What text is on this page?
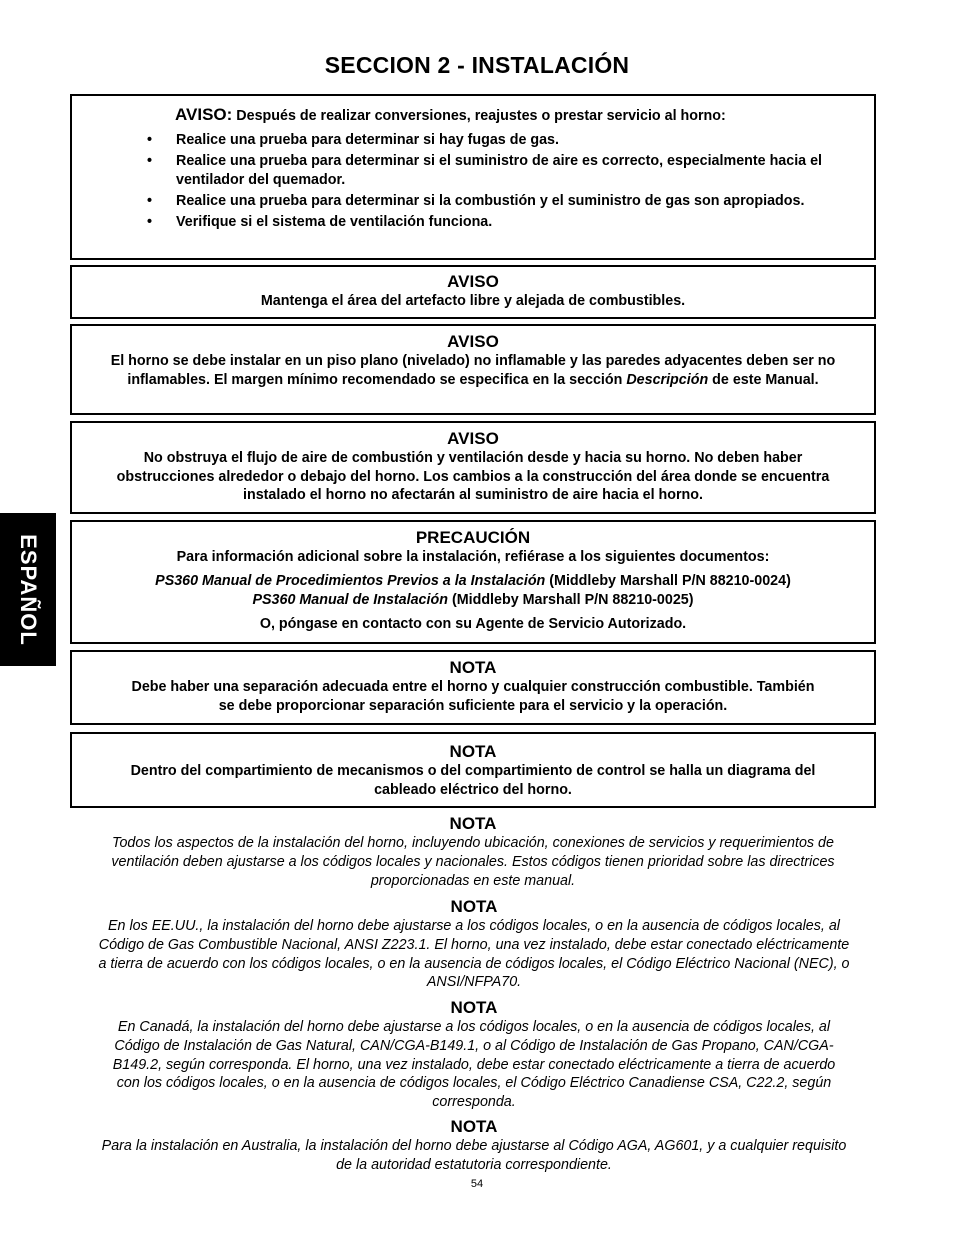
SECCION 2 - INSTALACIÓN
AVISO: Después de realizar conversiones, reajustes o prestar servicio al horno:
• Realice una prueba para determinar si hay fugas de gas.
• Realice una prueba para determinar si el suministro de aire es correcto, especialmente hacia el ventilador del quemador.
• Realice una prueba para determinar si la combustión y el suministro de gas son apropiados.
• Verifique si el sistema de ventilación funciona.
AVISO
Mantenga el área del artefacto libre y alejada de combustibles.
AVISO
El horno se debe instalar en un piso plano (nivelado) no inflamable y las paredes adyacentes deben ser no inflamables. El margen mínimo recomendado se especifica en la sección Descripción de este Manual.
AVISO
No obstruya el flujo de aire de combustión y ventilación desde y hacia su horno. No deben haber obstrucciones alrededor o debajo del horno. Los cambios a la construcción del área donde se encuentra instalado el horno no afectarán al suministro de aire hacia el horno.
PRECAUCIÓN
Para información adicional sobre la instalación, refiérase a los siguientes documentos:
PS360 Manual de Procedimientos Previos a la Instalación (Middleby Marshall P/N 88210-0024)
PS360 Manual de Instalación (Middleby Marshall P/N 88210-0025)
O, póngase en contacto con su Agente de Servicio Autorizado.
NOTA
Debe haber una separación adecuada entre el horno y cualquier construcción combustible. También se debe proporcionar separación suficiente para el servicio y la operación.
NOTA
Dentro del compartimiento de mecanismos o del compartimiento de control se halla un diagrama del cableado eléctrico del horno.
NOTA
Todos los aspectos de la instalación del horno, incluyendo ubicación, conexiones de servicios y requerimientos de ventilación deben ajustarse a los códigos locales y nacionales. Estos códigos tienen prioridad sobre las directrices proporcionadas en este manual.
NOTA
En los EE.UU., la instalación del horno debe ajustarse a los códigos locales, o en la ausencia de códigos locales, al Código de Gas Combustible Nacional, ANSI Z223.1. El horno, una vez instalado, debe estar conectado eléctricamente a tierra de acuerdo con los códigos locales, o en la ausencia de códigos locales, el Código Eléctrico Nacional (NEC), o ANSI/NFPA70.
NOTA
En Canadá, la instalación del horno debe ajustarse a los códigos locales, o en la ausencia de códigos locales, al Código de Instalación de Gas Natural, CAN/CGA-B149.1, o al Código de Instalación de Gas Propano, CAN/CGA-B149.2, según corresponda. El horno, una vez instalado, debe estar conectado eléctricamente a tierra de acuerdo con los códigos locales, o en la ausencia de códigos locales, el Código Eléctrico Canadiense CSA, C22.2, según corresponda.
NOTA
Para la instalación en Australia, la instalación del horno debe ajustarse al Código AGA, AG601, y a cualquier requisito de la autoridad estatutoria correspondiente.
ESPAÑOL
54
